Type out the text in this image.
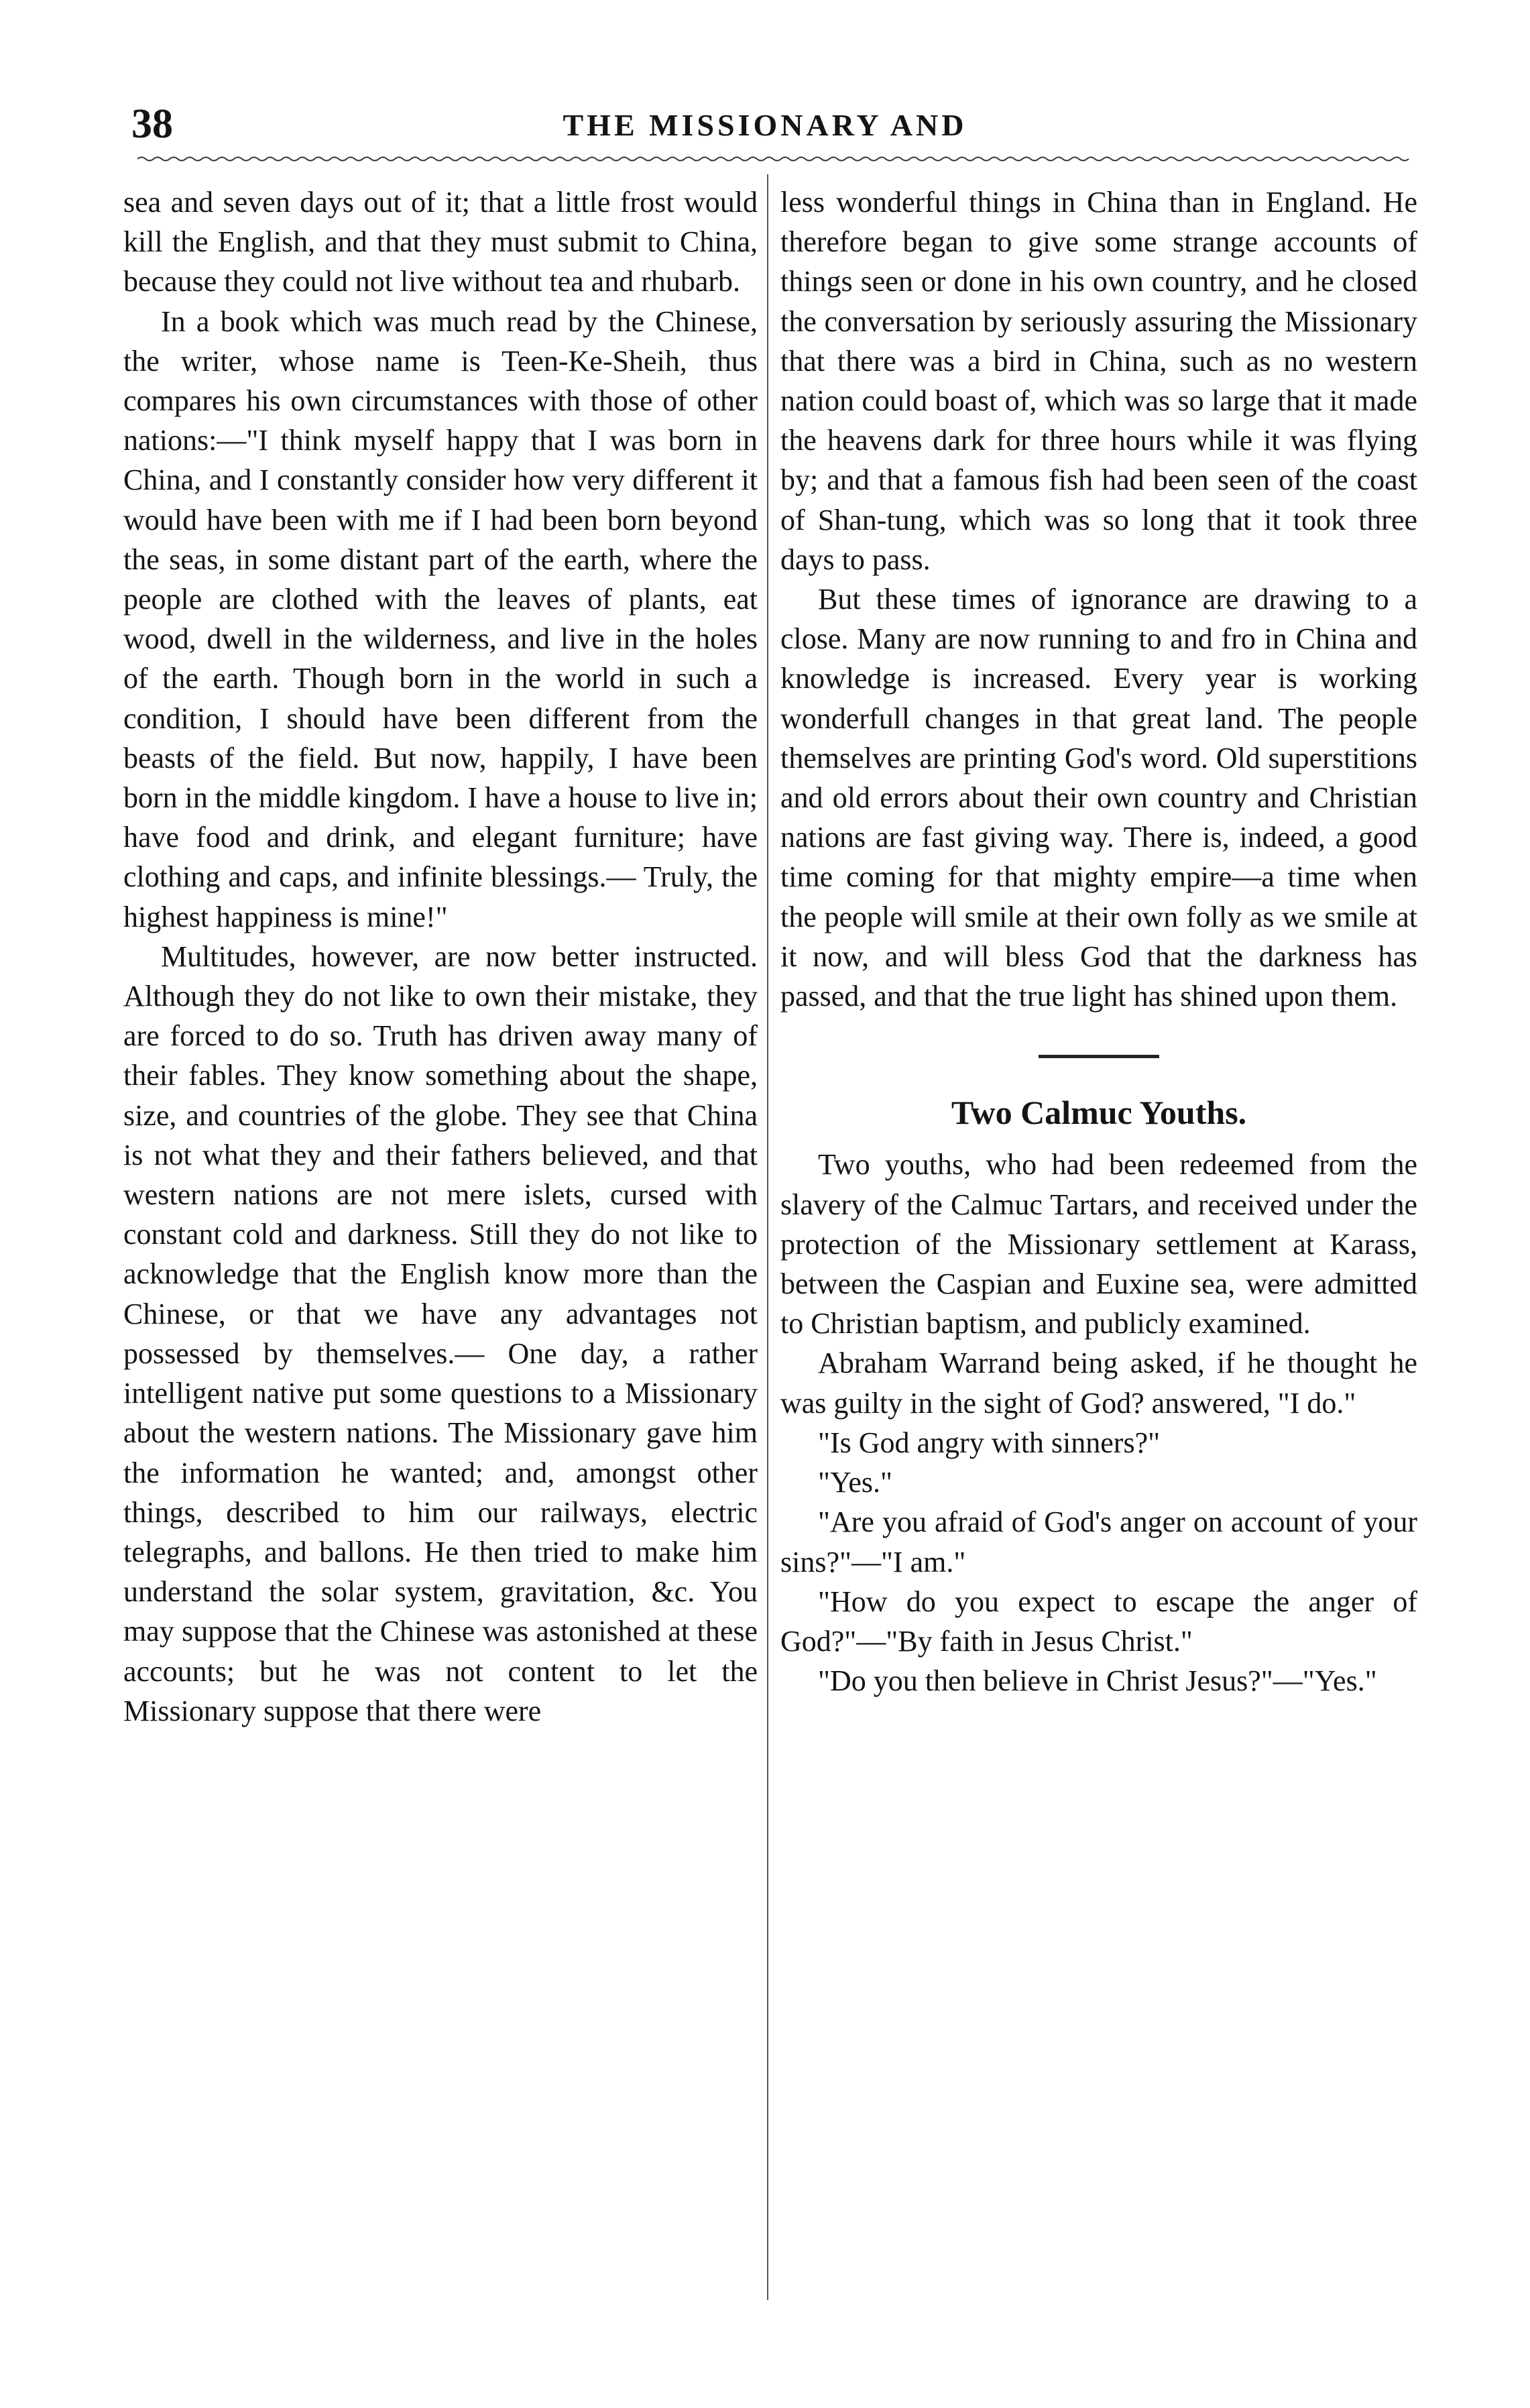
38	THE MISSIONARY AND

sea and seven days out of it; that a little frost would kill the English, and that they must submit to China, because they could not live without tea and rhubarb.

In a book which was much read by the Chinese, the writer, whose name is Teen-Ke-Sheih, thus compares his own circumstances with those of other nations:—"I think myself happy that I was born in China, and I constantly consider how very different it would have been with me if I had been born beyond the seas, in some distant part of the earth, where the people are clothed with the leaves of plants, eat wood, dwell in the wilderness, and live in the holes of the earth. Though born in the world in such a condition, I should have been different from the beasts of the field. But now, happily, I have been born in the middle kingdom. I have a house to live in; have food and drink, and elegant furniture; have clothing and caps, and infinite blessings.— Truly, the highest happiness is mine!"

Multitudes, however, are now better instructed. Although they do not like to own their mistake, they are forced to do so. Truth has driven away many of their fables. They know something about the shape, size, and countries of the globe. They see that China is not what they and their fathers believed, and that western nations are not mere islets, cursed with constant cold and darkness. Still they do not like to acknowledge that the English know more than the Chinese, or that we have any advantages not possessed by themselves.— One day, a rather intelligent native put some questions to a Missionary about the western nations. The Missionary gave him the information he wanted; and, amongst other things, described to him our railways, electric telegraphs, and ballons. He then tried to make him understand the solar system, gravitation, &c. You may suppose that the Chinese was astonished at these accounts; but he was not content to let the Missionary suppose that there were

less wonderful things in China than in England. He therefore began to give some strange accounts of things seen or done in his own country, and he closed the conversation by seriously assuring the Missionary that there was a bird in China, such as no western nation could boast of, which was so large that it made the heavens dark for three hours while it was flying by; and that a famous fish had been seen of the coast of Shan-tung, which was so long that it took three days to pass.

But these times of ignorance are drawing to a close. Many are now running to and fro in China and knowledge is increased. Every year is working wonderfull changes in that great land. The people themselves are printing God's word. Old superstitions and old errors about their own country and Christian nations are fast giving way. There is, indeed, a good time coming for that mighty empire—a time when the people will smile at their own folly as we smile at it now, and will bless God that the darkness has passed, and that the true light has shined upon them.

Two Calmuc Youths.

Two youths, who had been redeemed from the slavery of the Calmuc Tartars, and received under the protection of the Missionary settlement at Karass, between the Caspian and Euxine sea, were admitted to Christian baptism, and publicly examined.

Abraham Warrand being asked, if he thought he was guilty in the sight of God? answered, "I do."

"Is God angry with sinners?"

"Yes."

"Are you afraid of God's anger on account of your sins?"—"I am."

"How do you expect to escape the anger of God?"—"By faith in Jesus Christ."

"Do you then believe in Christ Jesus?"—"Yes."
